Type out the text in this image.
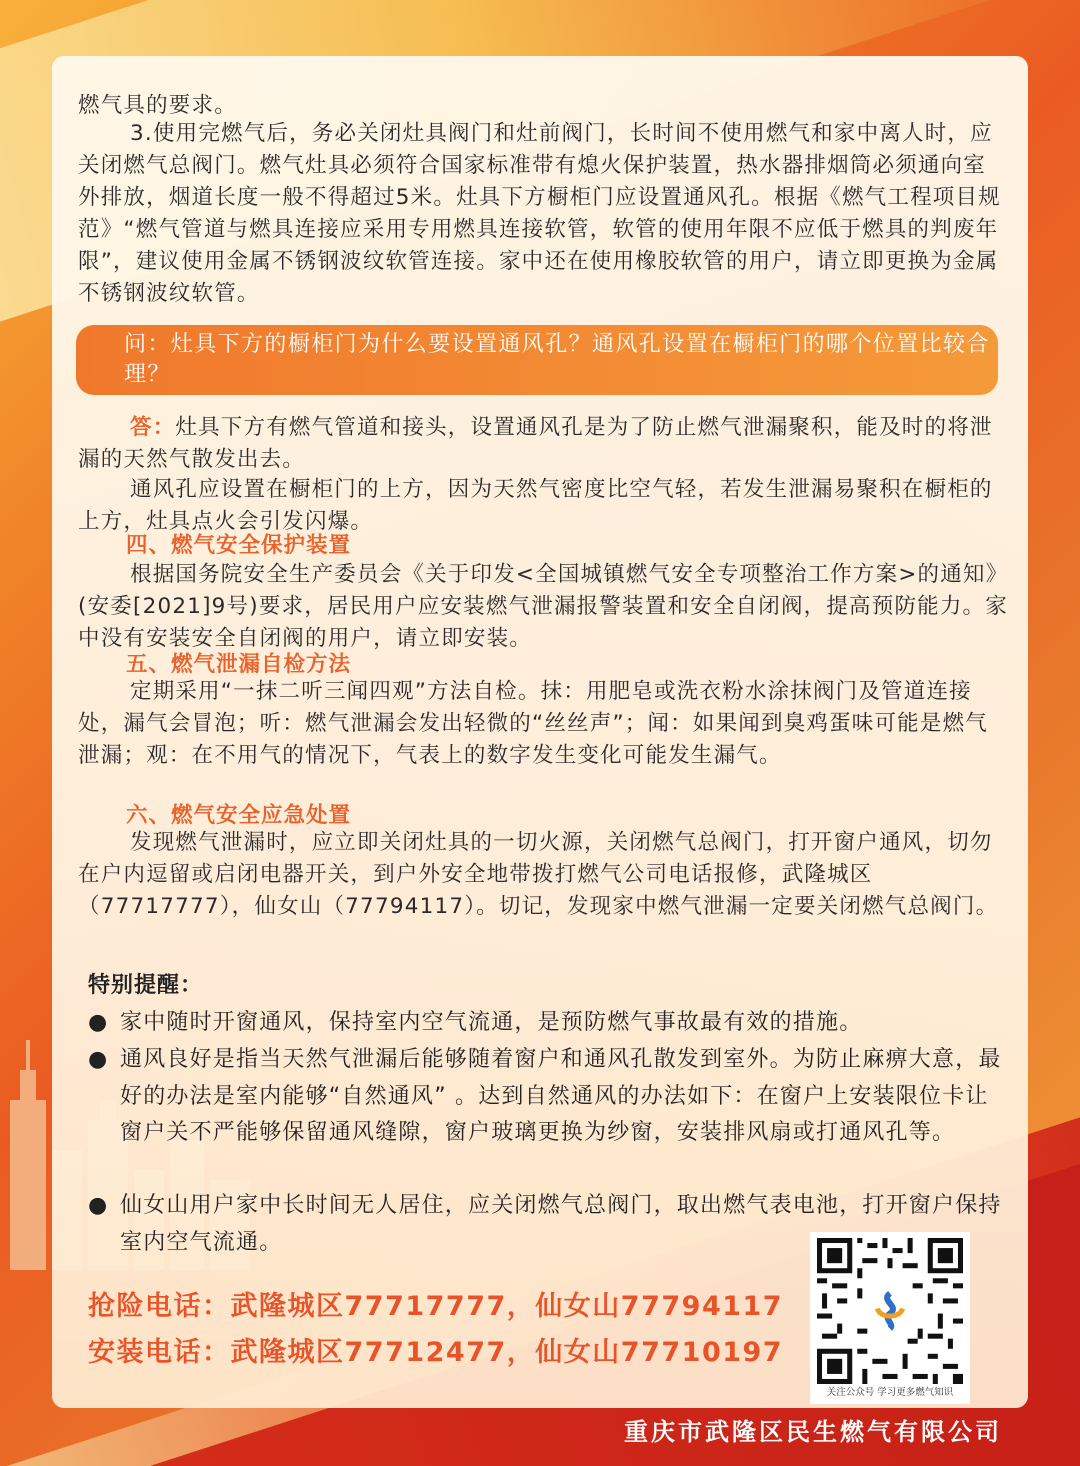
燃气具的要求。
3.使用完燃气后，务必关闭灶具阀门和灶前阀门，长时间不使用燃气和家中离人时，应关闭燃气总阀门。燃气灶具必须符合国家标准带有熄火保护装置，热水器排烟筒必须通向室外排放，烟道长度一般不得超过5米。灶具下方橱柜门应设置通风孔。根据《燃气工程项目规范》“燃气管道与燃具连接应采用专用燃具连接软管，软管的使用年限不应低于燃具的判废年限”，建议使用金属不锈钢波纹软管连接。家中还在使用橡胶软管的用户，请立即更换为金属不锈钢波纹软管。
问：灶具下方的橱柜门为什么要设置通风孔？通风孔设置在橱柜门的哪个位置比较合理？
答：灶具下方有燃气管道和接头，设置通风孔是为了防止燃气泄漏聚积，能及时的将泄漏的天然气散发出去。
通风孔应设置在橱柜门的上方，因为天然气密度比空气轻，若发生泄漏易聚积在橱柜的上方，灶具点火会引发闪爆。
四、燃气安全保护装置
根据国务院安全生产委员会《关于印发<全国城镇燃气安全专项整治工作方案>的通知》(安委[2021]9号)要求，居民用户应安装燃气泄漏报警装置和安全自闭阀，提高预防能力。家中没有安装安全自闭阀的用户，请立即安装。
五、燃气泄漏自检方法
定期采用“一抹二听三闻四观”方法自检。抹：用肥皂或洗衣粉水涂抹阀门及管道连接处，漏气会冒泡；听：燃气泄漏会发出轻微的“丝丝声”；闻：如果闻到臭鸡蛋味可能是燃气泄漏；观：在不用气的情况下，气表上的数字发生变化可能发生漏气。
六、燃气安全应急处置
发现燃气泄漏时，应立即关闭灶具的一切火源，关闭燃气总阀门，打开窗户通风，切勿在户内逗留或启闭电器开关，到户外安全地带拨打燃气公司电话报修，武隆城区（77717777），仙女山（77794117）。切记，发现家中燃气泄漏一定要关闭燃气总阀门。
特别提醒：
● 家中随时开窗通风，保持室内空气流通，是预防燃气事故最有效的措施。
● 通风良好是指当天然气泄漏后能够随着窗户和通风孔散发到室外。为防止麻痹大意，最好的办法是室内能够“自然通风” 。达到自然通风的办法如下：在窗户上安装限位卡让窗户关不严能够保留通风缝隙，窗户玻璃更换为纱窗，安装排风扇或打通风孔等。
● 仙女山用户家中长时间无人居住，应关闭燃气总阀门，取出燃气表电池，打开窗户保持室内空气流通。
抢险电话：武隆城区77717777，仙女山77794117
安装电话：武隆城区77712477，仙女山77710197
关注公众号 学习更多燃气知识
重庆市武隆区民生燃气有限公司
